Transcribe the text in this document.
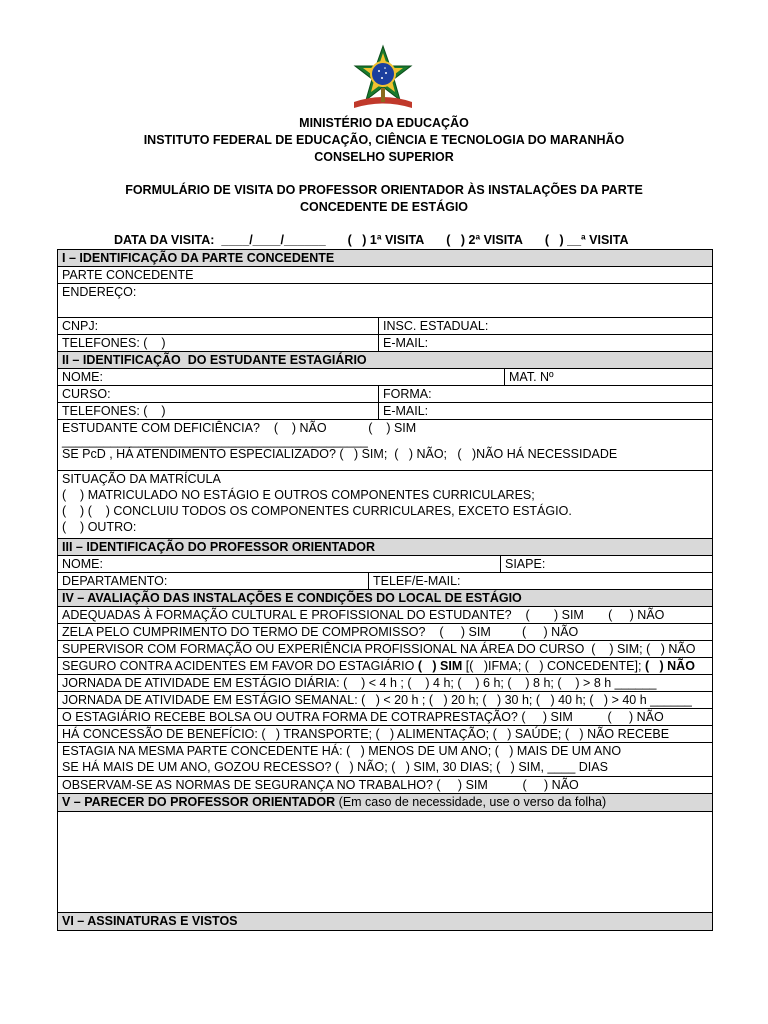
MINISTÉRIO DA EDUCAÇÃO
INSTITUTO FEDERAL DE EDUCAÇÃO, CIÊNCIA E TECNOLOGIA DO MARANHÃO
CONSELHO SUPERIOR
FORMULÁRIO DE VISITA DO PROFESSOR ORIENTADOR ÀS INSTALAÇÕES DA PARTE
CONCEDENTE DE ESTÁGIO
DATA DA VISITA:  ____/____/______ (   ) 1ª VISITA (   ) 2ª VISITA (   ) __ª VISITA
I – IDENTIFICAÇÃO DA PARTE CONCEDENTE
PARTE CONCEDENTE
ENDEREÇO:
CNPJ:	INSC. ESTADUAL:
TELEFONES: (    )	E-MAIL:
II – IDENTIFICAÇÃO  DO ESTUDANTE ESTAGIÁRIO
NOME:	MAT. Nº
CURSO:	FORMA:
TELEFONES: (    )	E-MAIL:
ESTUDANTE COM DEFICIÊNCIA?    (    ) NÃO            (    ) SIM
____________________________________________
SE PcD , HÁ ATENDIMENTO ESPECIALIZADO? (   ) SIM;  (   ) NÃO;   (   )NÃO HÁ NECESSIDADE
SITUAÇÃO DA MATRÍCULA
(    ) MATRICULADO NO ESTÁGIO E OUTROS COMPONENTES CURRICULARES;
(    ) (    ) CONCLUIU TODOS OS COMPONENTES CURRICULARES, EXCETO ESTÁGIO.
(    ) OUTRO:
III – IDENTIFICAÇÃO DO PROFESSOR ORIENTADOR
NOME:	SIAPE:
DEPARTAMENTO:	TELEF/E-MAIL:
IV – AVALIAÇÃO DAS INSTALAÇÕES E CONDIÇÕES DO LOCAL DE ESTÁGIO
ADEQUADAS À FORMAÇÃO CULTURAL E PROFISSIONAL DO ESTUDANTE?    (       ) SIM       (     ) NÃO
ZELA PELO CUMPRIMENTO DO TERMO DE COMPROMISSO?    (     ) SIM         (     ) NÃO
SUPERVISOR COM FORMAÇÃO OU EXPERIÊNCIA PROFISSIONAL NA ÁREA DO CURSO  (    ) SIM; (   ) NÃO
SEGURO CONTRA ACIDENTES EM FAVOR DO ESTAGIÁRIO (   ) SIM [(   )IFMA; (   ) CONCEDENTE]; (   ) NÃO
JORNADA DE ATIVIDADE EM ESTÁGIO DIÁRIA: (    ) < 4 h ; (    ) 4 h; (    ) 6 h; (    ) 8 h; (    ) > 8 h ______
JORNADA DE ATIVIDADE EM ESTÁGIO SEMANAL: (   ) < 20 h ; (   ) 20 h; (   ) 30 h; (   ) 40 h; (   ) > 40 h ______
O ESTAGIÁRIO RECEBE BOLSA OU OUTRA FORMA DE COTRAPRESTAÇÃO? (     ) SIM          (     ) NÃO
HÁ CONCESSÃO DE BENEFÍCIO: (   ) TRANSPORTE; (   ) ALIMENTAÇÃO; (   ) SAÚDE; (   ) NÃO RECEBE
ESTAGIA NA MESMA PARTE CONCEDENTE HÁ: (   ) MENOS DE UM ANO; (   ) MAIS DE UM ANO
SE HÁ MAIS DE UM ANO, GOZOU RECESSO? (   ) NÃO; (   ) SIM, 30 DIAS; (   ) SIM, ____ DIAS
OBSERVAM-SE AS NORMAS DE SEGURANÇA NO TRABALHO? (     ) SIM          (     ) NÃO
V – PARECER DO PROFESSOR ORIENTADOR (Em caso de necessidade, use o verso da folha)
VI – ASSINATURAS E VISTOS
